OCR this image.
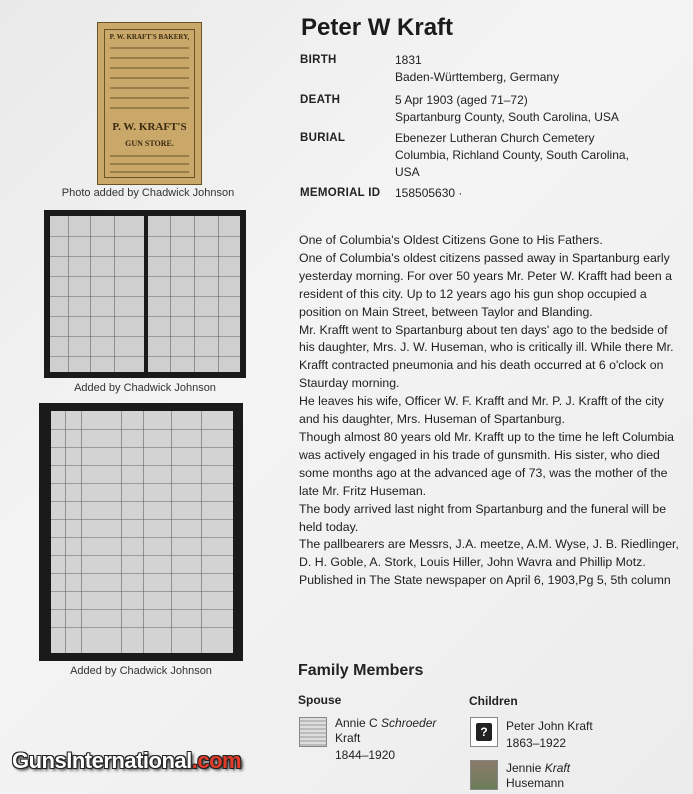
P. W. KRAFT'S BAKERY,
P. W. KRAFT'S
GUN STORE.
Photo added by Chadwick Johnson
Added by Chadwick Johnson
Added by Chadwick Johnson
Peter W Kraft
BIRTH	1831
Baden-Württemberg, Germany
DEATH	5 Apr 1903 (aged 71–72)
Spartanburg County, South Carolina, USA
BURIAL	Ebenezer Lutheran Church Cemetery
Columbia, Richland County, South Carolina,
USA
MEMORIAL ID 158505630 ·

One of Columbia's Oldest Citizens Gone to His Fathers.

One of Columbia's oldest citizens passed away in Spartanburg early yesterday morning. For over 50 years Mr. Peter W. Krafft had been a resident of this city. Up to 12 years ago his gun shop occupied a position on Main Street, between Taylor and Blanding.

Mr. Krafft went to Spartanburg about ten days' ago to the bedside of his daughter, Mrs. J. W. Huseman, who is critically ill. While there Mr. Krafft contracted pneumonia and his death occurred at 6 o'clock on Staurday morning.

He leaves his wife, Officer W. F. Krafft and Mr. P. J. Krafft of the city and his daughter, Mrs. Huseman of Spartanburg.

Though almost 80 years old Mr. Krafft up to the time he left Columbia was actively engaged in his trade of gunsmith. His sister, who died some months ago at the advanced age of 73, was the mother of the late Mr. Fritz Huseman.

The body arrived last night from Spartanburg and the funeral will be held today.

The pallbearers are Messrs, J.A. meetze, A.M. Wyse, J. B. Riedlinger, D. H. Goble, A. Stork, Louis Hiller, John Wavra and Phillip Motz.

Published in The State newspaper on April 6, 1903,Pg 5, 5th column

Family Members
Spouse	Children
Annie C Schroeder
Kraft
1844–1920
?	Peter John Kraft
1863–1922
Jennie Kraft
Husemann
GunsInternational.com
